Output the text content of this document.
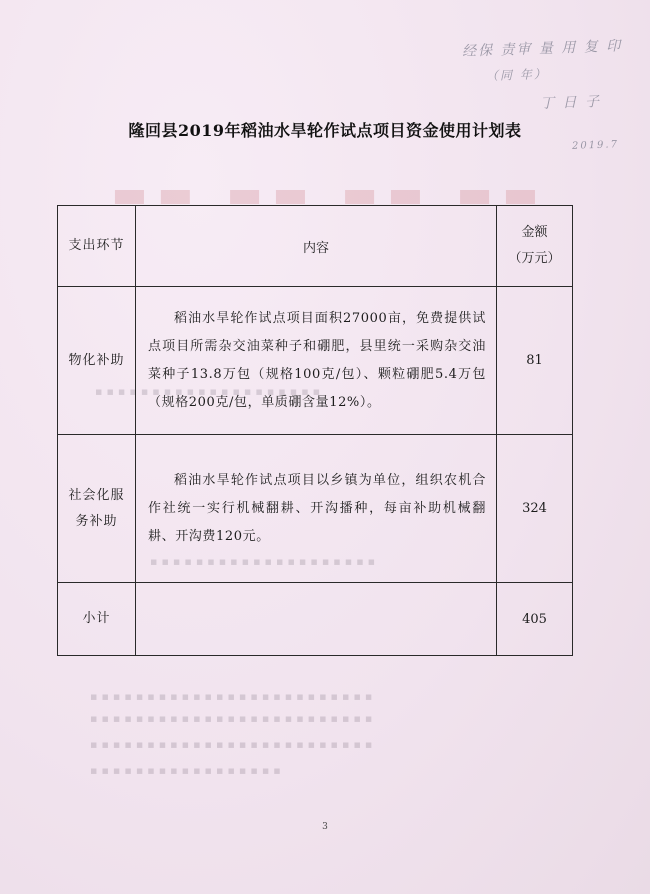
经保 责审 量 用 复 印
（同 年）
丁 日 子
2019.7
▬▬ ▬▬ ▬▬ ▬▬
隆回县2019年稻油水旱轮作试点项目资金使用计划表
▪▪▪▪▪▪▪▪▪▪▪▪▪▪▪▪▪▪▪▪
▪▪▪▪▪▪▪▪▪▪▪▪▪▪▪▪▪▪▪▪
▪▪▪▪▪▪▪▪▪▪▪▪▪▪▪▪▪▪▪▪▪▪▪▪▪
▪▪▪▪▪▪▪▪▪▪▪▪▪▪▪▪▪▪▪▪▪▪▪▪▪
▪▪▪▪▪▪▪▪▪▪▪▪▪▪▪▪▪▪▪▪▪▪▪▪▪
▪▪▪▪▪▪▪▪▪▪▪▪▪▪▪▪▪
支出环节	内容	金额
（万元）

物化补助	稻油水旱轮作试点项目面积27000亩，免费提供试点项目所需杂交油菜种子和硼肥，县里统一采购杂交油菜种子13.8万包（规格100克/包）、颗粒硼肥5.4万包（规格200克/包，单质硼含量12%）。	81
社会化服务补助	稻油水旱轮作试点项目以乡镇为单位，组织农机合作社统一实行机械翻耕、开沟播种，每亩补助机械翻耕、开沟费120元。	324
小计		405
3
